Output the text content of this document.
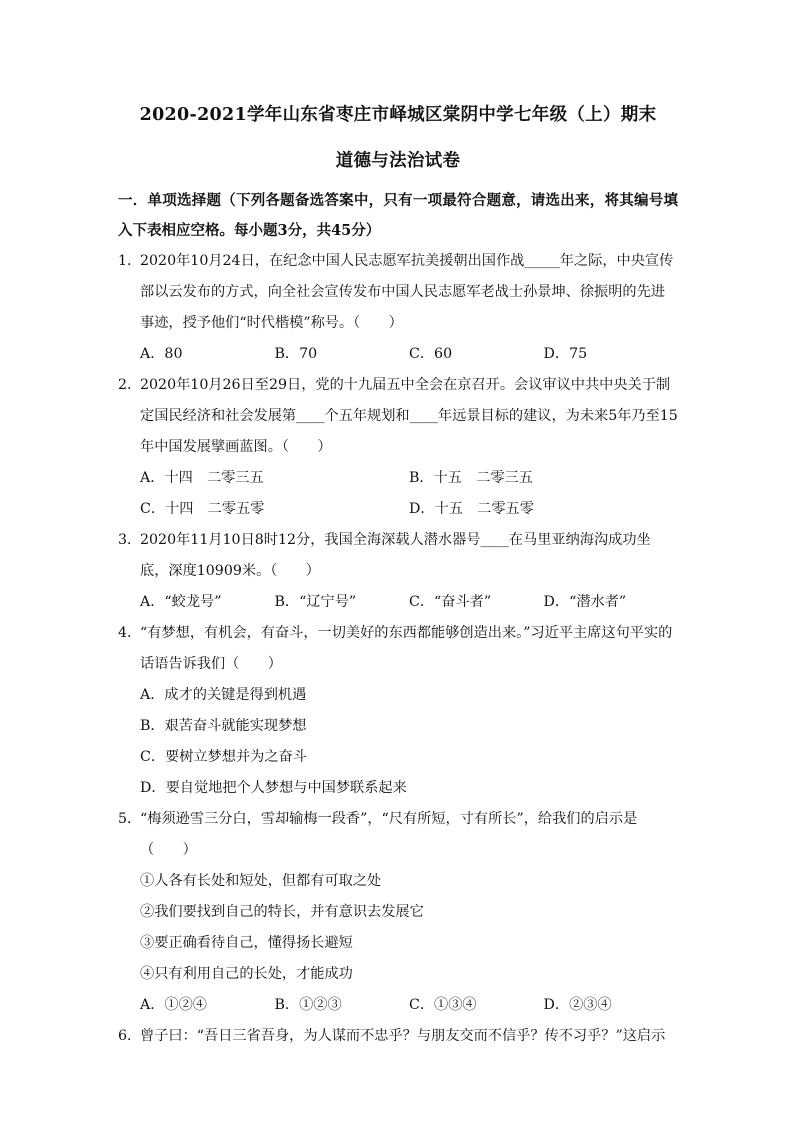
2020-2021学年山东省枣庄市峄城区棠阴中学七年级（上）期末
道德与法治试卷
一．单项选择题（下列各题备选答案中，只有一项最符合题意，请选出来，将其编号填入下表相应空格。每小题3分，共45分）
1．2020年10月24日，在纪念中国人民志愿军抗美援朝出国作战_____年之际，中央宣传部以云发布的方式，向全社会宣传发布中国人民志愿军老战士孙景坤、徐振明的先进事迹，授予他们“时代楷模”称号。（　　）
A．80	B．70	C．60	D．75
2．2020年10月26日至29日，党的十九届五中全会在京召开。会议审议中共中央关于制定国民经济和社会发展第____个五年规划和____年远景目标的建议，为未来5年乃至15年中国发展擘画蓝图。（　　）
A．十四　二零三五	B．十五　二零三五
C．十四　二零五零	D．十五　二零五零
3．2020年11月10日8时12分，我国全海深载人潜水器号____在马里亚纳海沟成功坐底，深度10909米。（　　）
A．“蛟龙号”	B．“辽宁号”	C．“奋斗者”	D．“潜水者”
4．“有梦想，有机会，有奋斗，一切美好的东西都能够创造出来。”习近平主席这句平实的话语告诉我们（　　）
A．成才的关键是得到机遇
B．艰苦奋斗就能实现梦想
C．要树立梦想并为之奋斗
D．要自觉地把个人梦想与中国梦联系起来
5．“梅须逊雪三分白，雪却输梅一段香”，“尺有所短，寸有所长”，给我们的启示是（　　）
①人各有长处和短处，但都有可取之处
②我们要找到自己的特长，并有意识去发展它
③要正确看待自己，懂得扬长避短
④只有利用自己的长处，才能成功
A．①②④	B．①②③	C．①③④	D．②③④
6．曾子曰：“吾日三省吾身，为人谋而不忠乎？与朋友交而不信乎？传不习乎？”这启示
